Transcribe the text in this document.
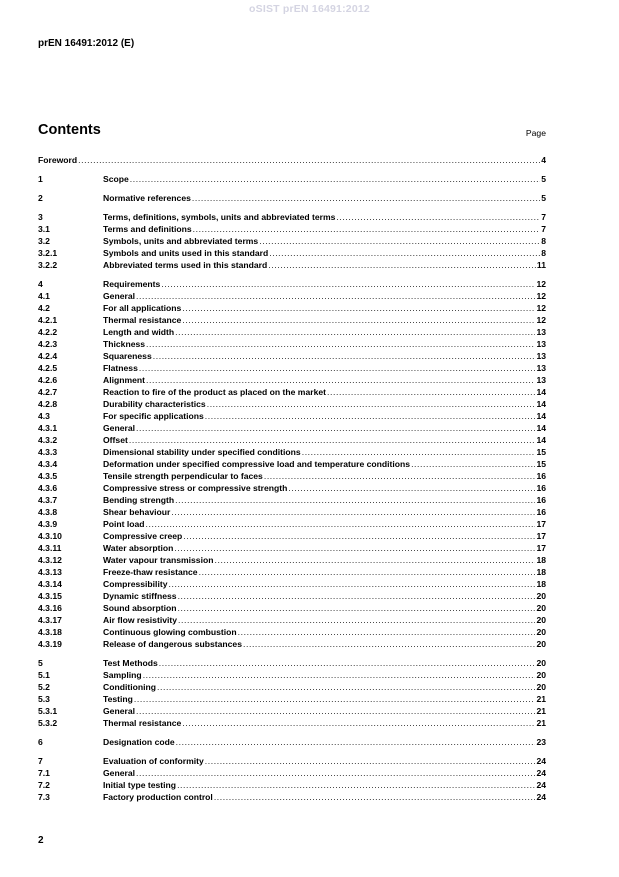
oSIST prEN 16491:2012
prEN 16491:2012 (E)
Contents	Page
Foreword .....	4
1	Scope .....	5
2	Normative references .....	5
3	Terms, definitions, symbols, units and abbreviated terms .....	7
3.1	Terms and definitions .....	7
3.2	Symbols, units and abbreviated terms .....	8
3.2.1	Symbols and units used in this standard .....	8
3.2.2	Abbreviated terms used in this standard .....	11
4	Requirements .....	12
4.1	General .....	12
4.2	For all applications .....	12
4.2.1	Thermal resistance .....	12
4.2.2	Length and width .....	13
4.2.3	Thickness .....	13
4.2.4	Squareness .....	13
4.2.5	Flatness .....	13
4.2.6	Alignment .....	13
4.2.7	Reaction to fire of the product as placed on the market .....	14
4.2.8	Durability characteristics .....	14
4.3	For specific applications .....	14
4.3.1	General .....	14
4.3.2	Offset .....	14
4.3.3	Dimensional stability under specified conditions .....	15
4.3.4	Deformation under specified compressive load and temperature conditions .....	15
4.3.5	Tensile strength perpendicular to faces .....	16
4.3.6	Compressive stress or compressive strength .....	16
4.3.7	Bending strength .....	16
4.3.8	Shear behaviour .....	16
4.3.9	Point load .....	17
4.3.10	Compressive creep .....	17
4.3.11	Water absorption .....	17
4.3.12	Water vapour transmission .....	18
4.3.13	Freeze-thaw resistance .....	18
4.3.14	Compressibility .....	18
4.3.15	Dynamic stiffness .....	20
4.3.16	Sound absorption .....	20
4.3.17	Air flow resistivity .....	20
4.3.18	Continuous glowing combustion .....	20
4.3.19	Release of dangerous substances .....	20
5	Test Methods .....	20
5.1	Sampling .....	20
5.2	Conditioning .....	20
5.3	Testing .....	21
5.3.1	General .....	21
5.3.2	Thermal resistance .....	21
6	Designation code .....	23
7	Evaluation of conformity .....	24
7.1	General .....	24
7.2	Initial type testing .....	24
7.3	Factory production control .....	24
2
